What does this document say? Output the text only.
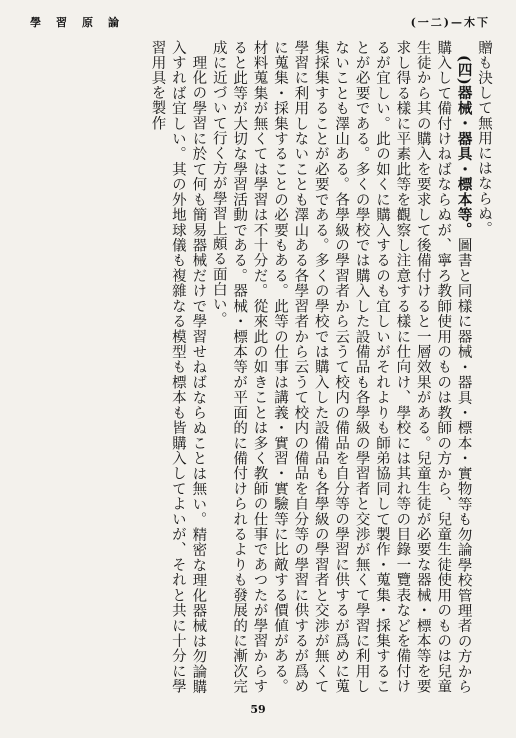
學　習　原　論	(一二)—木下

贈も決して無用にはならぬ。

(四)器械・器具・標本等。圖書と同樣に器械・器具・標本・實物等も勿論學校管理者の方から購入して備付けねばならぬが、寧ろ教師使用のものは教師の方から、兒童生徒使用のものは兒童生徒から其の購入を要求して後備付けると一層效果がある。兒童生徒が必要な器械・標本等を要求し得る樣に平素此等を觀察し注意する樣に仕向け、學校には其れ等の目錄一覽表などを備付けるが宜しい。此の如くに購入するのも宜しいがそれよりも師弟協同して製作・蒐集・採集することが必要である。多くの學校では購入した設備品も各學級の學習者と交渉が無くて學習に利用しないことも澤山ある。各學級の學習者から云うて校内の備品を自分等の學習に供するが爲めに蒐集採集することが必要である。多くの學校では購入した設備品も各學級の學習者と交渉が無くて學習に利用しないことも澤山ある各學習者から云うて校内の備品を自分等の學習に供するが爲めに蒐集・採集することの必要もある。此等の仕事は講義・實習・實驗等に比敵する價値がある。材料蒐集が無くては學習は不十分だ。從來此の如きことは多く教師の仕事であつたが學習からすると此等が大切な學習活動である。器械・標本等が平面的に備付けられるよりも發展的に漸次完成に近づいて行く方が學習上頗る面白い。

理化の學習に於て何も簡易器械だけで學習せねばならぬことは無い。精密な理化器械は勿論購入すれば宜しい。其の外地球儀も複雜なる模型も標本も皆購入してよいが、それと共に十分に學習用具を製作

59
